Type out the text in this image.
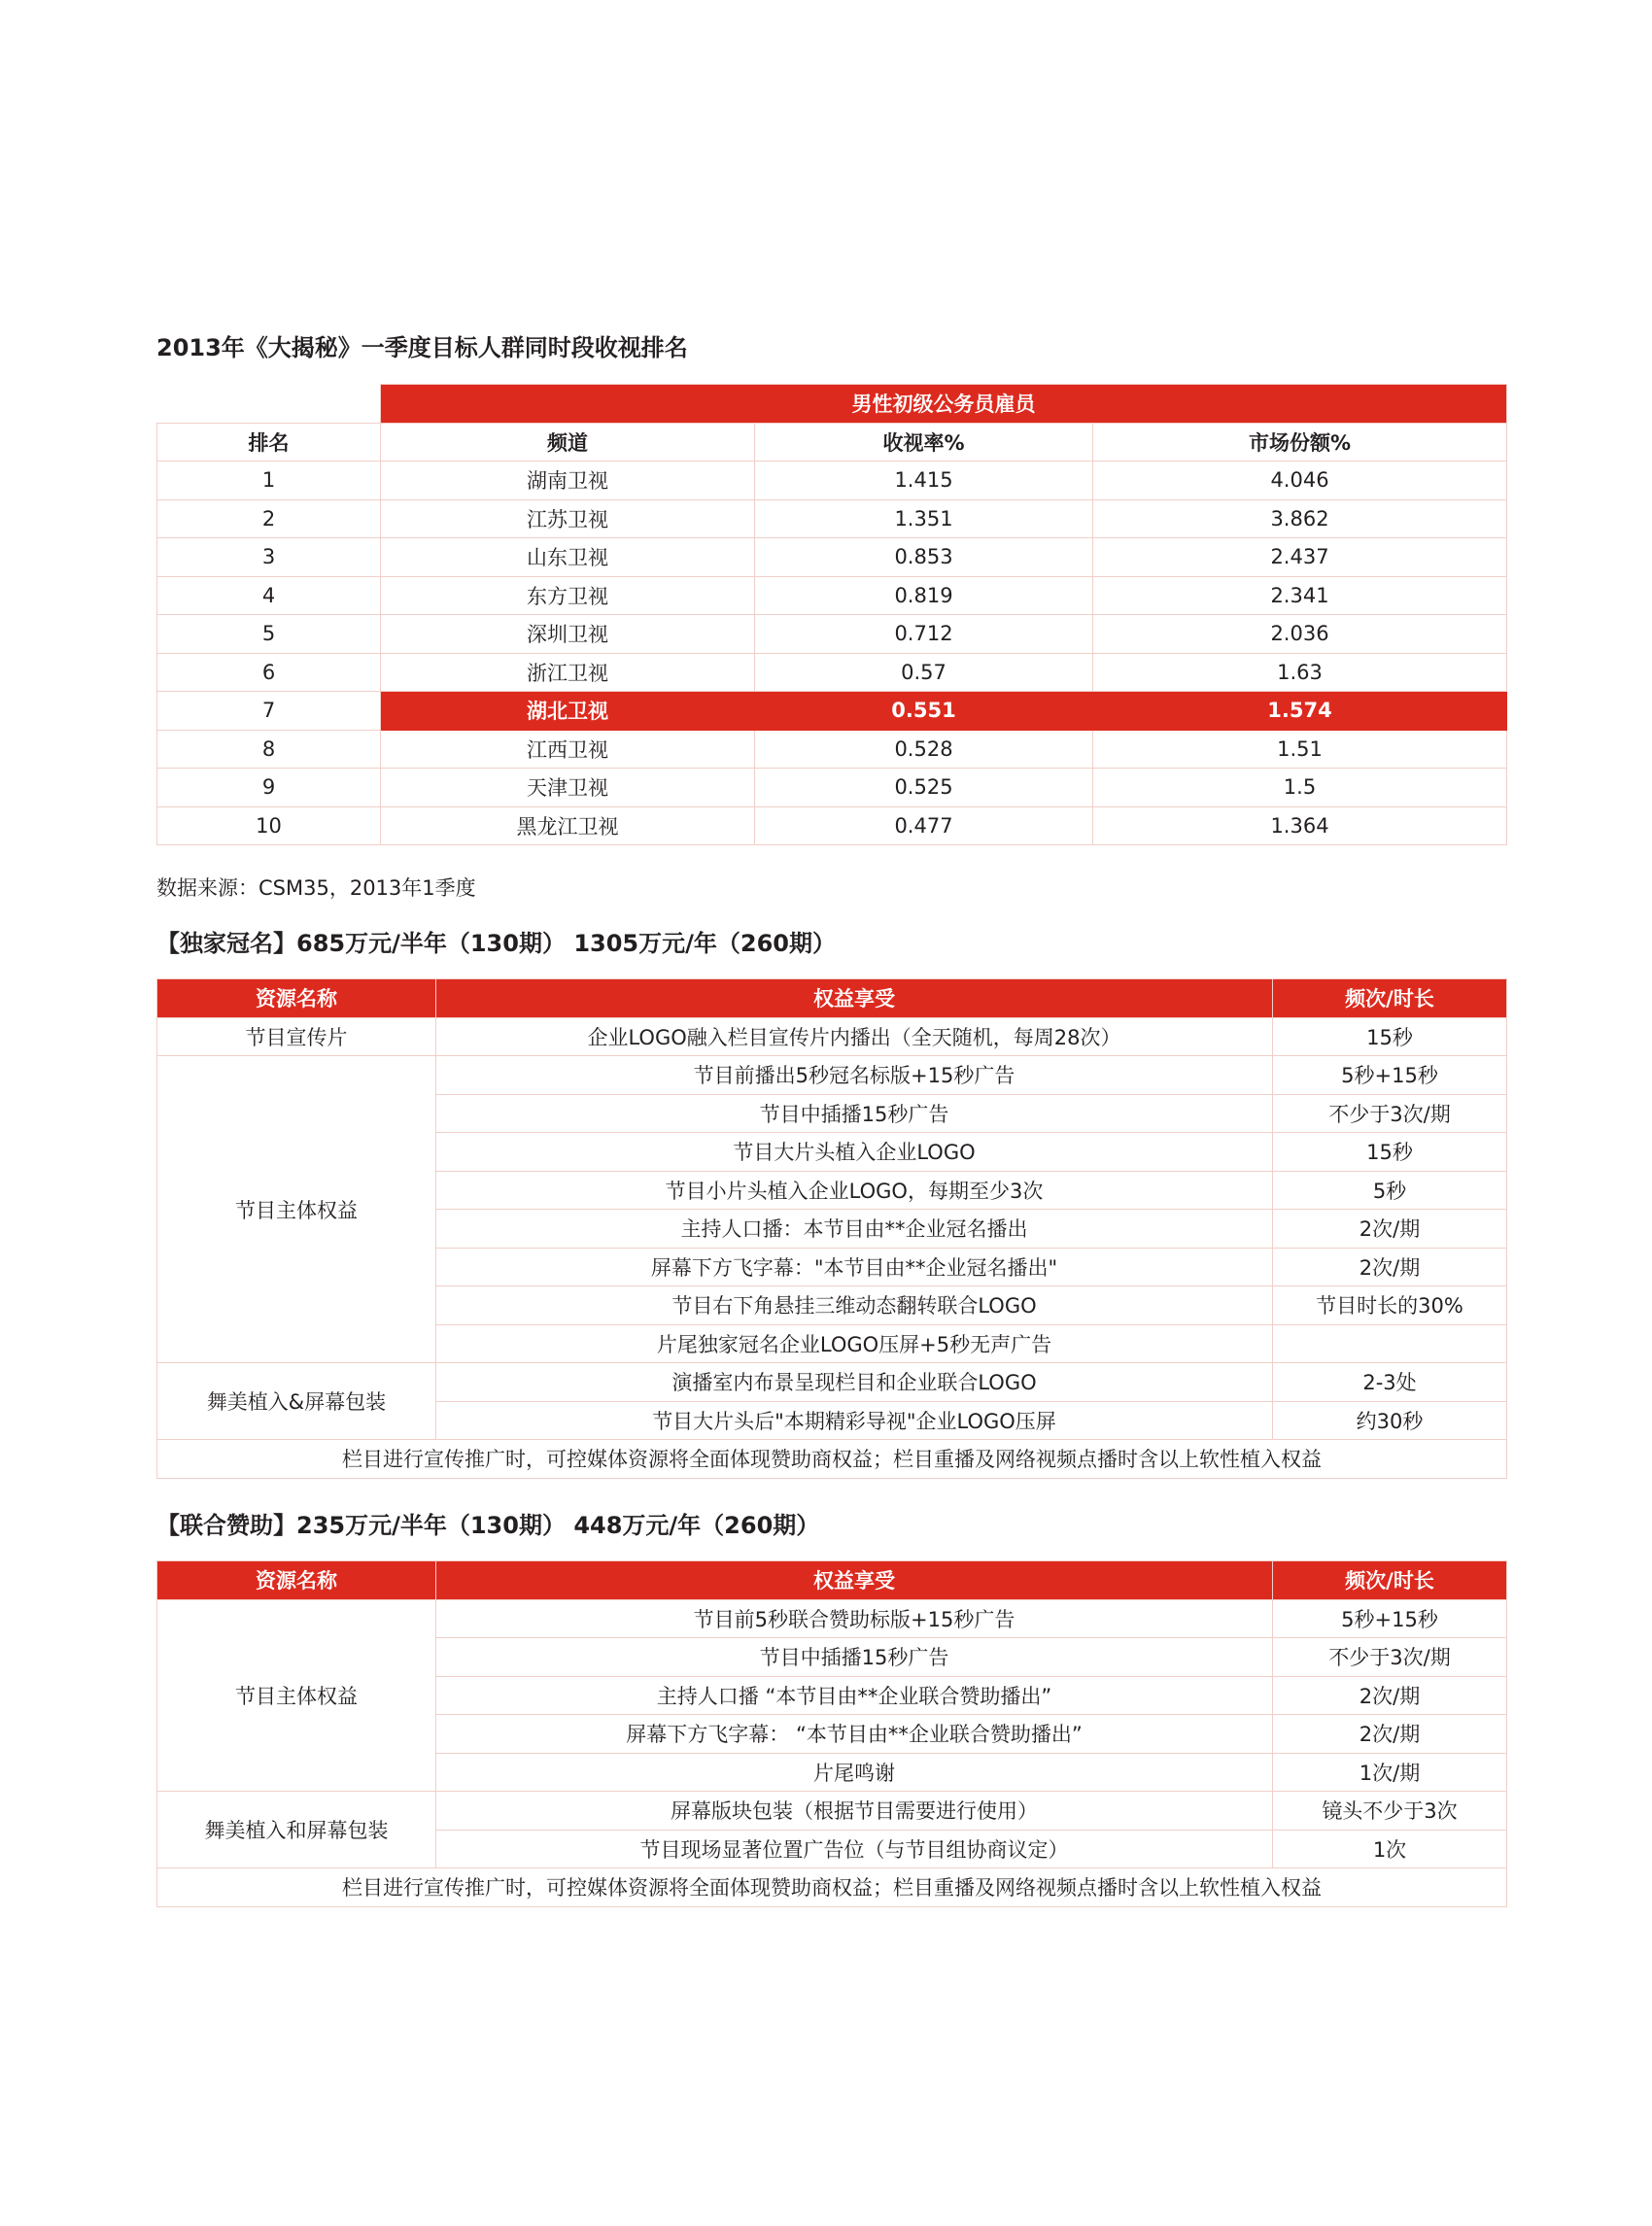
2013年《大揭秘》一季度目标人群同时段收视排名
	男性初级公务员雇员		
排名	频道	收视率%	市场份额%
1	湖南卫视	1.415	4.046
2	江苏卫视	1.351	3.862
3	山东卫视	0.853	2.437
4	东方卫视	0.819	2.341
5	深圳卫视	0.712	2.036
6	浙江卫视	0.57	1.63
7	湖北卫视	0.551	1.574
8	江西卫视	0.528	1.51
9	天津卫视	0.525	1.5
10	黑龙江卫视	0.477	1.364
数据来源：CSM35，2013年1季度
【独家冠名】685万元/半年（130期） 1305万元/年（260期）
资源名称	权益享受	频次/时长
节目宣传片	企业LOGO融入栏目宣传片内播出（全天随机，每周28次）	15秒
节目主体权益	节目前播出5秒冠名标版+15秒广告	5秒+15秒
	节目中插播15秒广告	不少于3次/期
	节目大片头植入企业LOGO	15秒
	节目小片头植入企业LOGO，每期至少3次	5秒
	主持人口播：本节目由**企业冠名播出	2次/期
	屏幕下方飞字幕："本节目由**企业冠名播出"	2次/期
	节目右下角悬挂三维动态翻转联合LOGO	节目时长的30%
	片尾独家冠名企业LOGO压屏+5秒无声广告	
舞美植入&屏幕包装	演播室内布景呈现栏目和企业联合LOGO	2-3处
	节目大片头后"本期精彩导视"企业LOGO压屏	约30秒
栏目进行宣传推广时，可控媒体资源将全面体现赞助商权益；栏目重播及网络视频点播时含以上软性植入权益		
【联合赞助】235万元/半年（130期） 448万元/年（260期）
资源名称	权益享受	频次/时长
节目主体权益	节目前5秒联合赞助标版+15秒广告	5秒+15秒
	节目中插播15秒广告	不少于3次/期
	主持人口播 “本节目由**企业联合赞助播出”	2次/期
	屏幕下方飞字幕： “本节目由**企业联合赞助播出”	2次/期
	片尾鸣谢	1次/期
舞美植入和屏幕包装	屏幕版块包装（根据节目需要进行使用）	镜头不少于3次
	节目现场显著位置广告位（与节目组协商议定）	1次
栏目进行宣传推广时，可控媒体资源将全面体现赞助商权益；栏目重播及网络视频点播时含以上软性植入权益		
